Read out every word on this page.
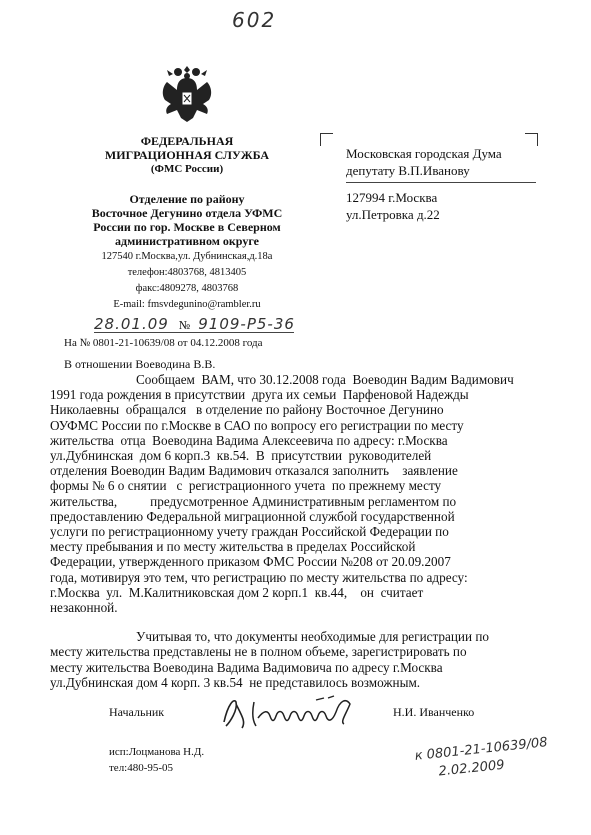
602
ФЕДЕРАЛЬНАЯ
МИГРАЦИОННАЯ СЛУЖБА
(ФМС России)
Отделение по району
Восточное Дегунино отдела УФМС
России по гор. Москве в Северном
административном округе
127540 г.Москва,ул. Дубнинская,д.18а
телефон:4803768, 4813405
факс:4809278, 4803768
E-mail: fmsvdegunino@rambler.ru
28.01.09 № 9109-Р5-36
На № 0801-21-10639/08 от 04.12.2008 года
Московская городская Дума
депутату В.П.Иванову
127994 г.Москва
ул.Петровка д.22
В отношении Воеводина В.В.
Сообщаем  ВАМ, что 30.12.2008 года  Воеводин Вадим Вадимович
1991 года рождения в присутствии  друга их семьи  Парфеновой Надежды
Николаевны  обращался   в отделение по району Восточное Дегунино
ОУФМС России по г.Москве в САО по вопросу его регистрации по месту
жительства  отца  Воеводина Вадима Алексеевича по адресу: г.Москва
ул.Дубнинская  дом 6 корп.3  кв.54.  В  присутствии  руководителей
отделения Воеводин Вадим Вадимович отказался заполнить    заявление
формы № 6 о снятии   с  регистрационного учета  по прежнему месту
жительства,          предусмотренное Административным регламентом по
предоставлению Федеральной миграционной службой государственной
услуги по регистрационному учету граждан Российской Федерации по
месту пребывания и по месту жительства в пределах Российской
Федерации, утвержденного приказом ФМС России №208 от 20.09.2007
года, мотивируя это тем, что регистрацию по месту жительства по адресу:
г.Москва  ул.  М.Калитниковская дом 2 корп.1  кв.44,    он  считает
незаконной.
Учитывая то, что документы необходимые для регистрации по
месту жительства представлены не в полном объеме, зарегистрировать по
месту жительства Воеводина Вадима Вадимовича по адресу г.Москва
ул.Дубнинская дом 4 корп. 3 кв.54  не представилось возможным.
Начальник	Н.И. Иванченко
исп:Лоцманова Н.Д.
тел:480-95-05
к 0801-21-10639/08
2.02.2009
